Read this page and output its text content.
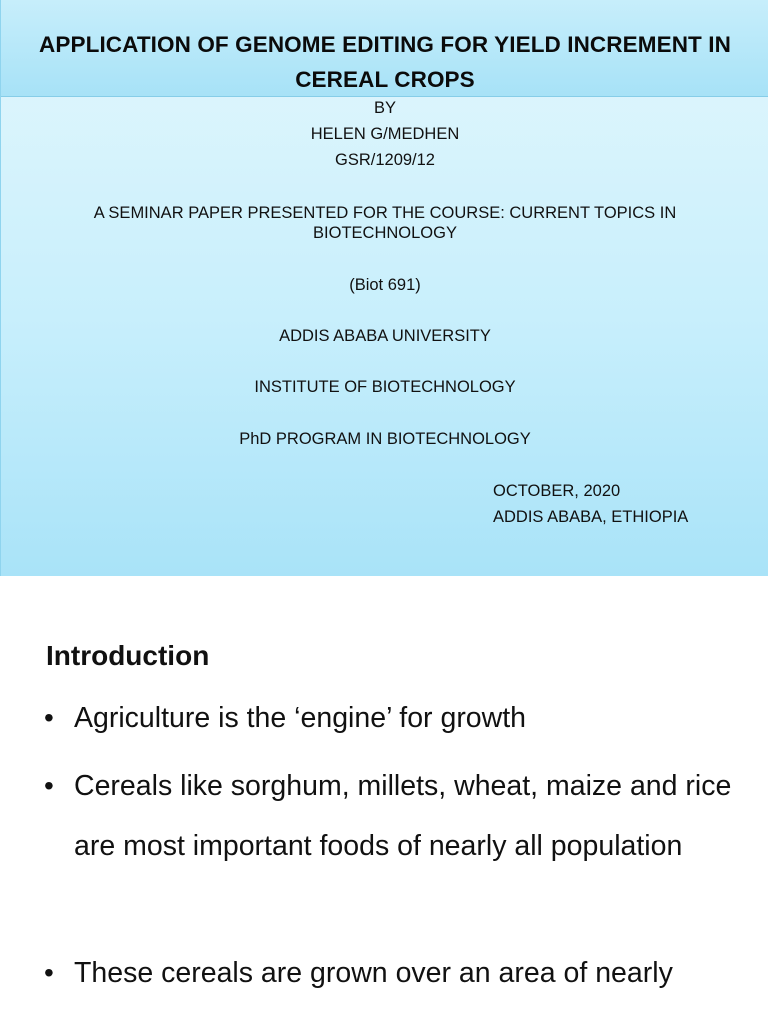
APPLICATION OF GENOME EDITING FOR YIELD INCREMENT IN CEREAL CROPS
BY
HELEN G/MEDHEN
GSR/1209/12
A SEMINAR PAPER PRESENTED FOR THE COURSE: CURRENT TOPICS IN BIOTECHNOLOGY
(Biot 691)
ADDIS ABABA UNIVERSITY
INSTITUTE OF BIOTECHNOLOGY
PhD PROGRAM IN BIOTECHNOLOGY
OCTOBER, 2020
ADDIS ABABA, ETHIOPIA
Introduction
• Agriculture is the ‘engine’ for growth
• Cereals like sorghum, millets, wheat, maize and rice are most important foods of nearly all population
• These cereals are grown over an area of nearly
